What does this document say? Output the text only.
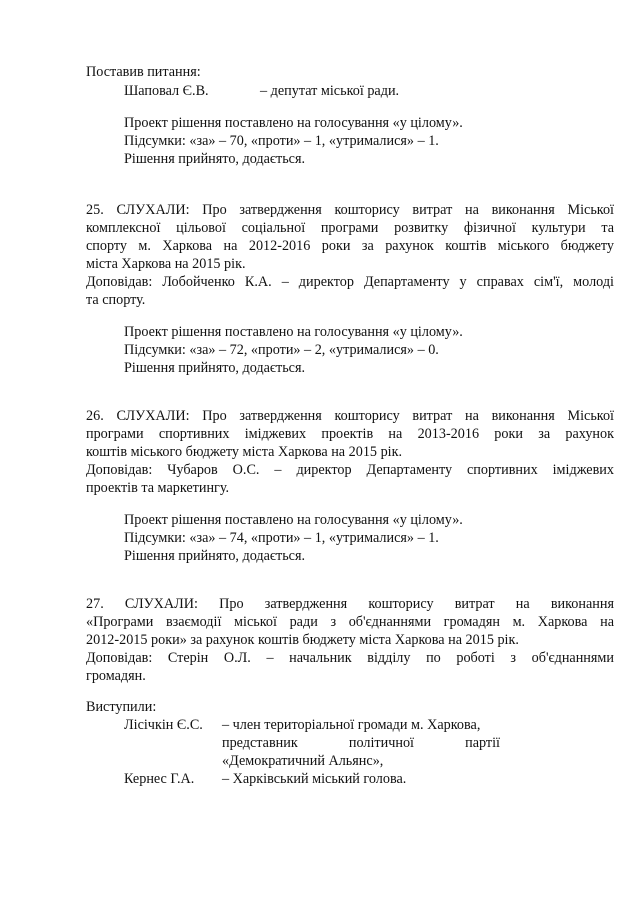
Поставив питання:
Шаповал Є.В.	– депутат міської ради.
Проект рішення поставлено на голосування «у цілому».
Підсумки: «за» – 70, «проти» – 1, «утрималися» – 1.
Рішення прийнято, додається.
25. СЛУХАЛИ: Про затвердження кошторису витрат на виконання Міської
комплексної цільової соціальної програми розвитку фізичної культури та
спорту м. Харкова на 2012-2016 роки за рахунок коштів міського бюджету
міста Харкова на 2015 рік.
Доповідав: Лобойченко К.А. – директор Департаменту у справах сім'ї, молоді
та спорту.
Проект рішення поставлено на голосування «у цілому».
Підсумки: «за» – 72, «проти» – 2, «утрималися» – 0.
Рішення прийнято, додається.
26. СЛУХАЛИ: Про затвердження кошторису витрат на виконання Міської
програми спортивних іміджевих проектів на 2013-2016 роки за рахунок
коштів міського бюджету міста Харкова на 2015 рік.
Доповідав: Чубаров О.С. – директор Департаменту спортивних іміджевих
проектів та маркетингу.
Проект рішення поставлено на голосування «у цілому».
Підсумки: «за» – 74, «проти» – 1, «утрималися» – 1.
Рішення прийнято, додається.
27. СЛУХАЛИ: Про затвердження кошторису витрат на виконання
«Програми взаємодії міської ради з об'єднаннями громадян м. Харкова на
2012-2015 роки» за рахунок коштів бюджету міста Харкова на 2015 рік.
Доповідав: Стерін О.Л. – начальник відділу по роботі з об'єднаннями
громадян.
Виступили:
Лісічкін Є.С. – член територіальної громади м. Харкова,
представник політичної партії
«Демократичний Альянс»,
Кернес Г.А. – Харківський міський голова.
